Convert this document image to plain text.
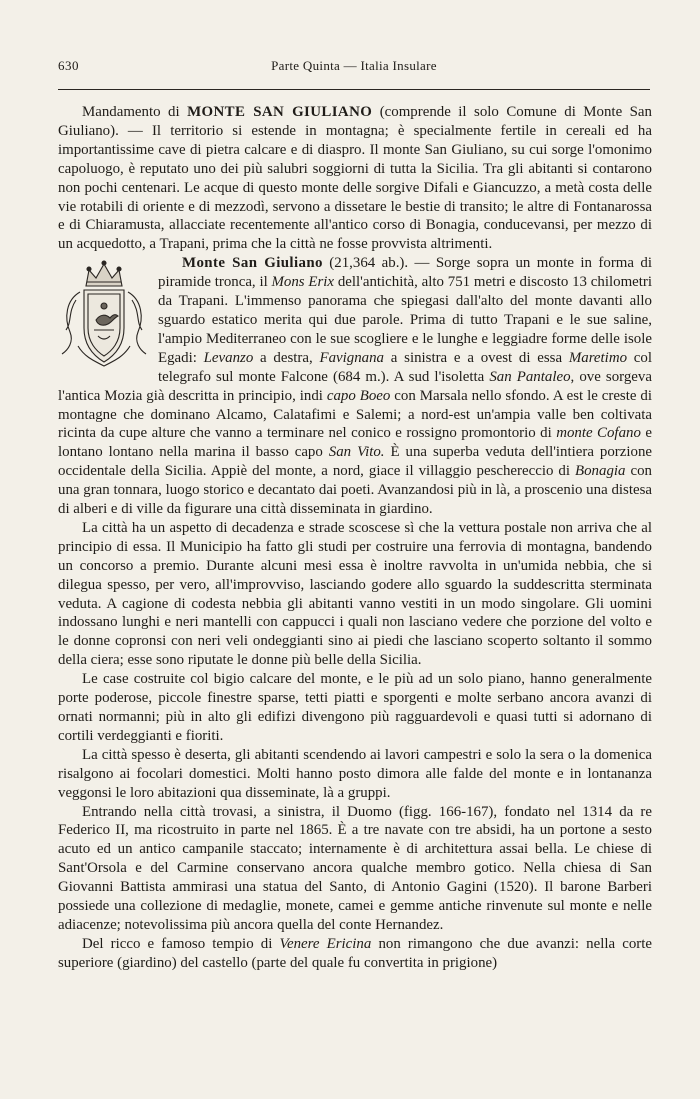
630	Parte Quinta — Italia Insulare

Mandamento di MONTE SAN GIULIANO (comprende il solo Comune di Monte San Giuliano). — Il territorio si estende in montagna; è specialmente fertile in cereali ed ha importantissime cave di pietra calcare e di diaspro. Il monte San Giuliano, su cui sorge l'omonimo capoluogo, è reputato uno dei più salubri soggiorni di tutta la Sicilia. Tra gli abitanti si contarono non pochi centenari. Le acque di questo monte delle sorgive Difali e Giancuzzo, a metà costa delle vie rotabili di oriente e di mezzodì, servono a dissetare le bestie di transito; le altre di Fontanarossa e di Chiaramusta, allacciate recentemente all'antico corso di Bonagia, conducevansi, per mezzo di un acquedotto, a Trapani, prima che la città ne fosse provvista altrimenti.

Monte San Giuliano (21,364 ab.). — Sorge sopra un monte in forma di piramide tronca, il Mons Erix dell'antichità, alto 751 metri e discosto 13 chilometri da Trapani. L'immenso panorama che spiegasi dall'alto del monte davanti allo sguardo estatico merita qui due parole. Prima di tutto Trapani e le sue saline, l'ampio Mediterraneo con le sue scogliere e le lunghe e leggiadre forme delle isole Egadi: Levanzo a destra, Favignana a sinistra e a ovest di essa Maretimo col telegrafo sul monte Falcone (684 m.). A sud l'isoletta San Pantaleo, ove sorgeva l'antica Mozia già descritta in principio, indi capo Boeo con Marsala nello sfondo. A est le creste di montagne che dominano Alcamo, Calatafimi e Salemi; a nord-est un'ampia valle ben coltivata ricinta da cupe alture che vanno a terminare nel conico e rossigno promontorio di monte Cofano e lontano lontano nella marina il basso capo San Vito. È una superba veduta dell'intiera porzione occidentale della Sicilia. Appiè del monte, a nord, giace il villaggio peschereccio di Bonagia con una gran tonnara, luogo storico e decantato dai poeti. Avanzandosi più in là, a proscenio una distesa di alberi e di ville da figurare una città disseminata in giardino.

La città ha un aspetto di decadenza e strade scoscese sì che la vettura postale non arriva che al principio di essa. Il Municipio ha fatto gli studi per costruire una ferrovia di montagna, bandendo un concorso a premio. Durante alcuni mesi essa è inoltre ravvolta in un'umida nebbia, che si dilegua spesso, per vero, all'improvviso, lasciando godere allo sguardo la suddescritta sterminata veduta. A cagione di codesta nebbia gli abitanti vanno vestiti in un modo singolare. Gli uomini indossano lunghi e neri mantelli con cappucci i quali non lasciano vedere che porzione del volto e le donne copronsi con neri veli ondeggianti sino ai piedi che lasciano scoperto soltanto il sommo della ciera; esse sono riputate le donne più belle della Sicilia.

Le case costruite col bigio calcare del monte, e le più ad un solo piano, hanno generalmente porte poderose, piccole finestre sparse, tetti piatti e sporgenti e molte serbano ancora avanzi di ornati normanni; più in alto gli edifizi divengono più ragguardevoli e quasi tutti si adornano di cortili verdeggianti e fioriti.

La città spesso è deserta, gli abitanti scendendo ai lavori campestri e solo la sera o la domenica risalgono ai focolari domestici. Molti hanno posto dimora alle falde del monte e in lontananza veggonsi le loro abitazioni qua disseminate, là a gruppi.

Entrando nella città trovasi, a sinistra, il Duomo (figg. 166-167), fondato nel 1314 da re Federico II, ma ricostruito in parte nel 1865. È a tre navate con tre absidi, ha un portone a sesto acuto ed un antico campanile staccato; internamente è di architettura assai bella. Le chiese di Sant'Orsola e del Carmine conservano ancora qualche membro gotico. Nella chiesa di San Giovanni Battista ammirasi una statua del Santo, di Antonio Gagini (1520). Il barone Barberi possiede una collezione di medaglie, monete, camei e gemme antiche rinvenute sul monte e nelle adiacenze; notevolissima più ancora quella del conte Hernandez.

Del ricco e famoso tempio di Venere Ericina non rimangono che due avanzi: nella corte superiore (giardino) del castello (parte del quale fu convertita in prigione)
